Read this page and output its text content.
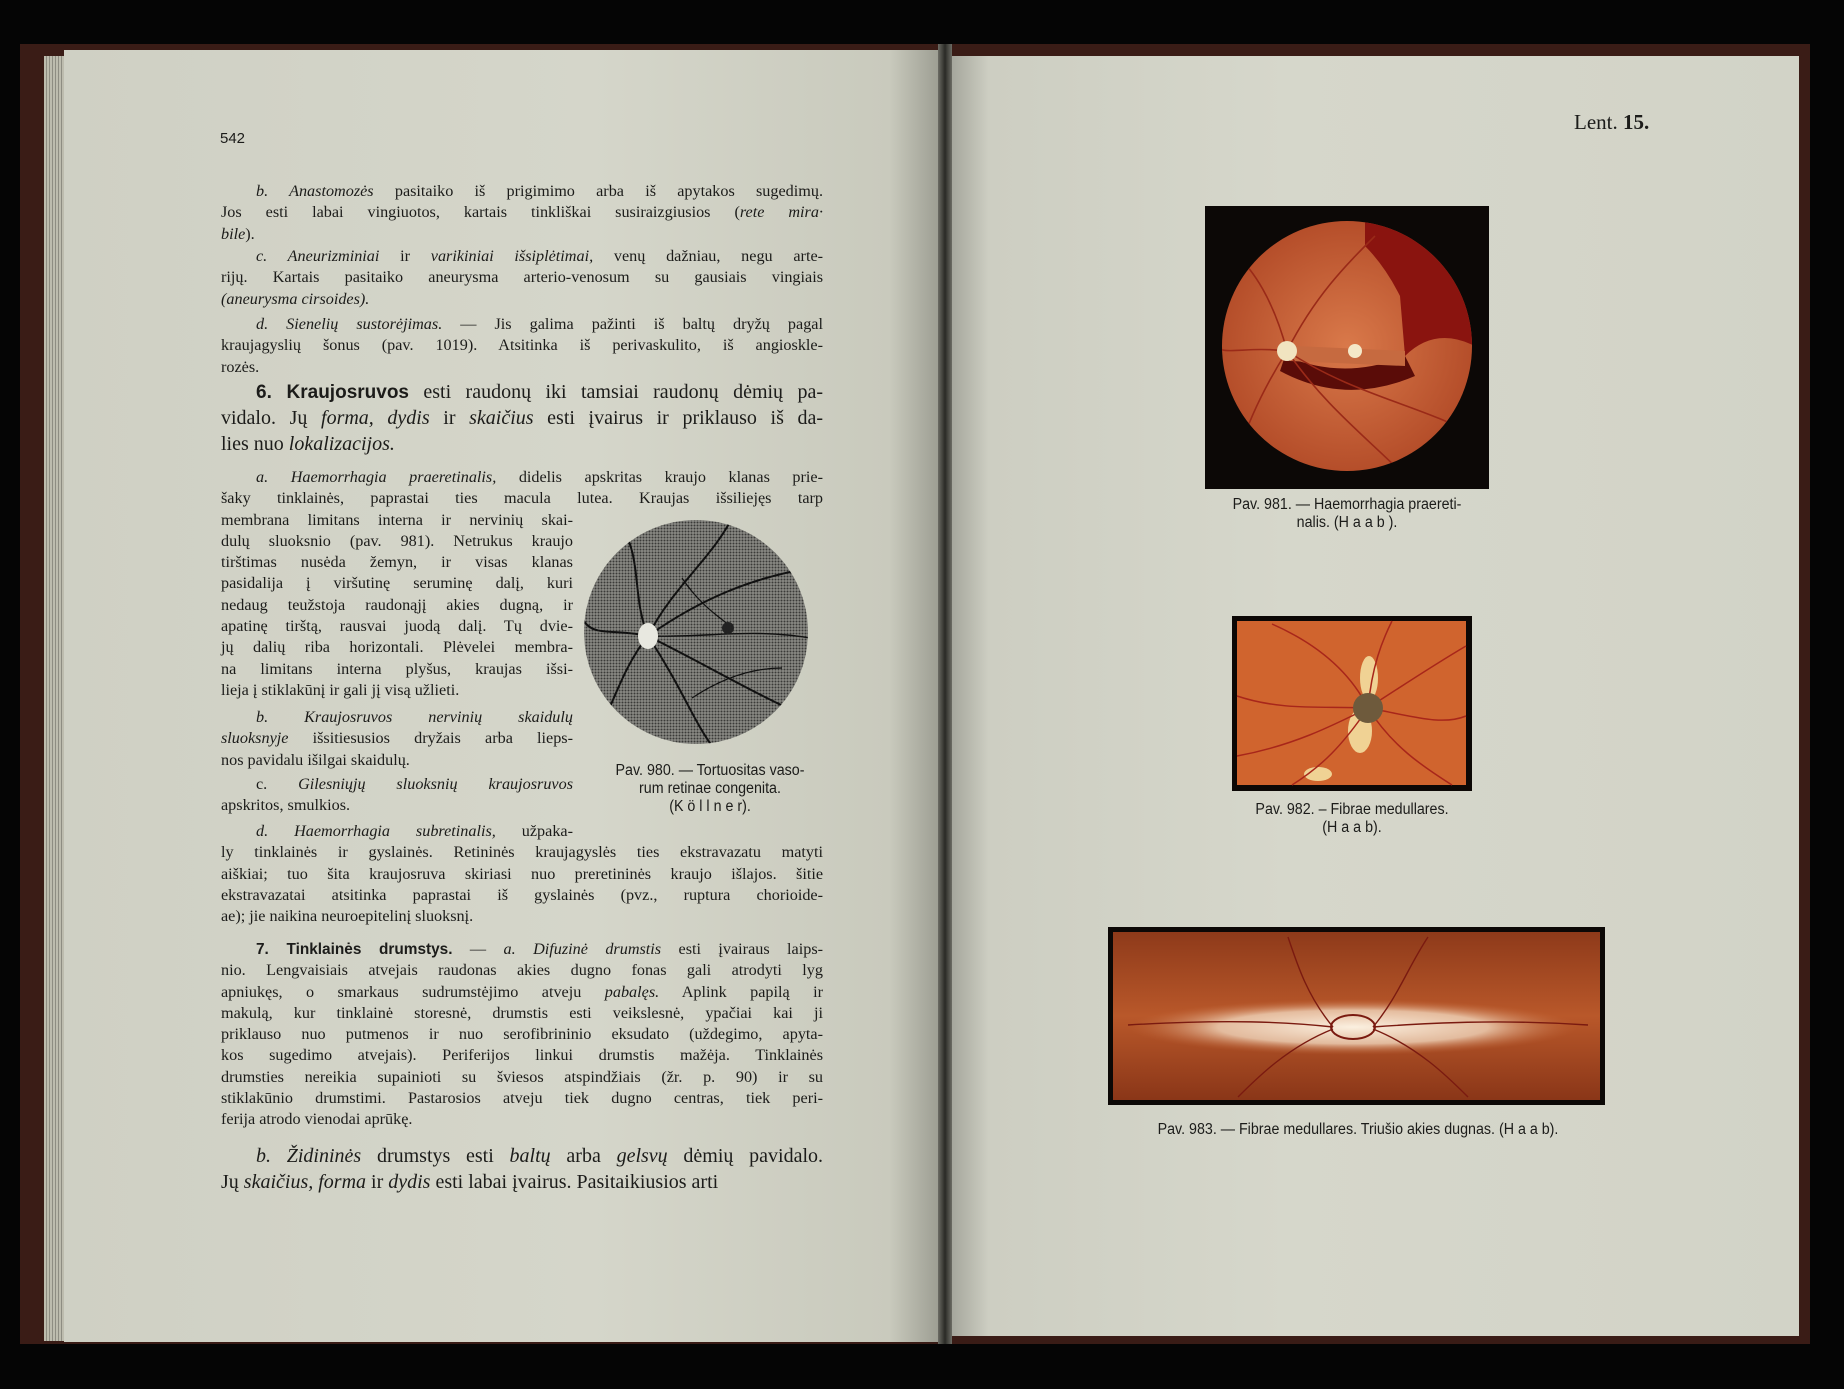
542
b. Anastomozės pasitaiko iš prigimimo arba iš apytakos sugedimų.
Jos esti labai vingiuotos, kartais tinkliškai susiraizgiusios (rete mira·
bile).
c. Aneurizminiai ir varikiniai išsiplėtimai, venų dažniau, negu arte-
rijų. Kartais pasitaiko aneurysma arterio-venosum su gausiais vingiais
(aneurysma cirsoides).
d. Sienelių sustorėjimas. — Jis galima pažinti iš baltų dryžų pagal
kraujagyslių šonus (pav. 1019). Atsitinka iš perivaskulito, iš angioskle-
rozės.
6. Kraujosruvos esti raudonų iki tamsiai raudonų dėmių pa-
vidalo. Jų forma, dydis ir skaičius esti įvairus ir priklauso iš da-
lies nuo lokalizacijos.
a. Haemorrhagia praeretinalis, didelis apskritas kraujo klanas prie-
šaky tinklainės, paprastai ties macula lutea. Kraujas išsiliejęs tarp
membrana limitans interna ir nervinių skai-
dulų sluoksnio (pav. 981). Netrukus kraujo
tirštimas nusėda žemyn, ir visas klanas
pasidalija į viršutinę seruminę dalį, kuri
nedaug teužstoja raudonąjį akies dugną, ir
apatinę tirštą, rausvai juodą dalį. Tų dvie-
jų dalių riba horizontali. Plėvelei membra-
na limitans interna plyšus, kraujas išsi-
lieja į stiklakūnį ir gali jį visą užlieti.
b. Kraujosruvos nervinių skaidulų
sluoksnyje išsitiesusios dryžais arba lieps-
nos pavidalu išilgai skaidulų.
c. Gilesniųjų sluoksnių kraujosruvos
apskritos, smulkios.
d. Haemorrhagia subretinalis, užpaka-
ly tinklainės ir gyslainės. Retininės kraujagyslės ties ekstravazatu matyti
aiškiai; tuo šita kraujosruva skiriasi nuo preretininės kraujo išlajos. šitie
ekstravazatai atsitinka paprastai iš gyslainės (pvz., ruptura chorioide-
ae); jie naikina neuroepitelinį sluoksnį.
7. Tinklainės drumstys. — a. Difuzinė drumstis esti įvairaus laips-
nio. Lengvaisiais atvejais raudonas akies dugno fonas gali atrodyti lyg
apniukęs, o smarkaus sudrumstėjimo atveju pabalęs. Aplink papilą ir
makulą, kur tinklainė storesnė, drumstis esti veikslesnė, ypačiai kai ji
priklauso nuo putmenos ir nuo serofibrininio eksudato (uždegimo, apyta-
kos sugedimo atvejais). Periferijos linkui drumstis mažėja. Tinklainės
drumsties nereikia supainioti su šviesos atspindžiais (žr. p. 90) ir su
stiklakūnio drumstimi. Pastarosios atveju tiek dugno centras, tiek peri-
ferija atrodo vienodai aprūkę.
b. Židininės drumstys esti baltų arba gelsvų dėmių pavidalo.
Jų skaičius, forma ir dydis esti labai įvairus. Pasitaikiusios arti
Pav. 980. — Tortuositas vaso-
rum retinae congenita.
(K ö l l n e r).
Lent. 15.
Pav. 981. — Haemorrhagia praereti-
nalis. (H a a b ).
Pav. 982. – Fibrae medullares.
(H a a b).
Pav. 983. — Fibrae medullares. Triušio akies dugnas. (H a a b).
